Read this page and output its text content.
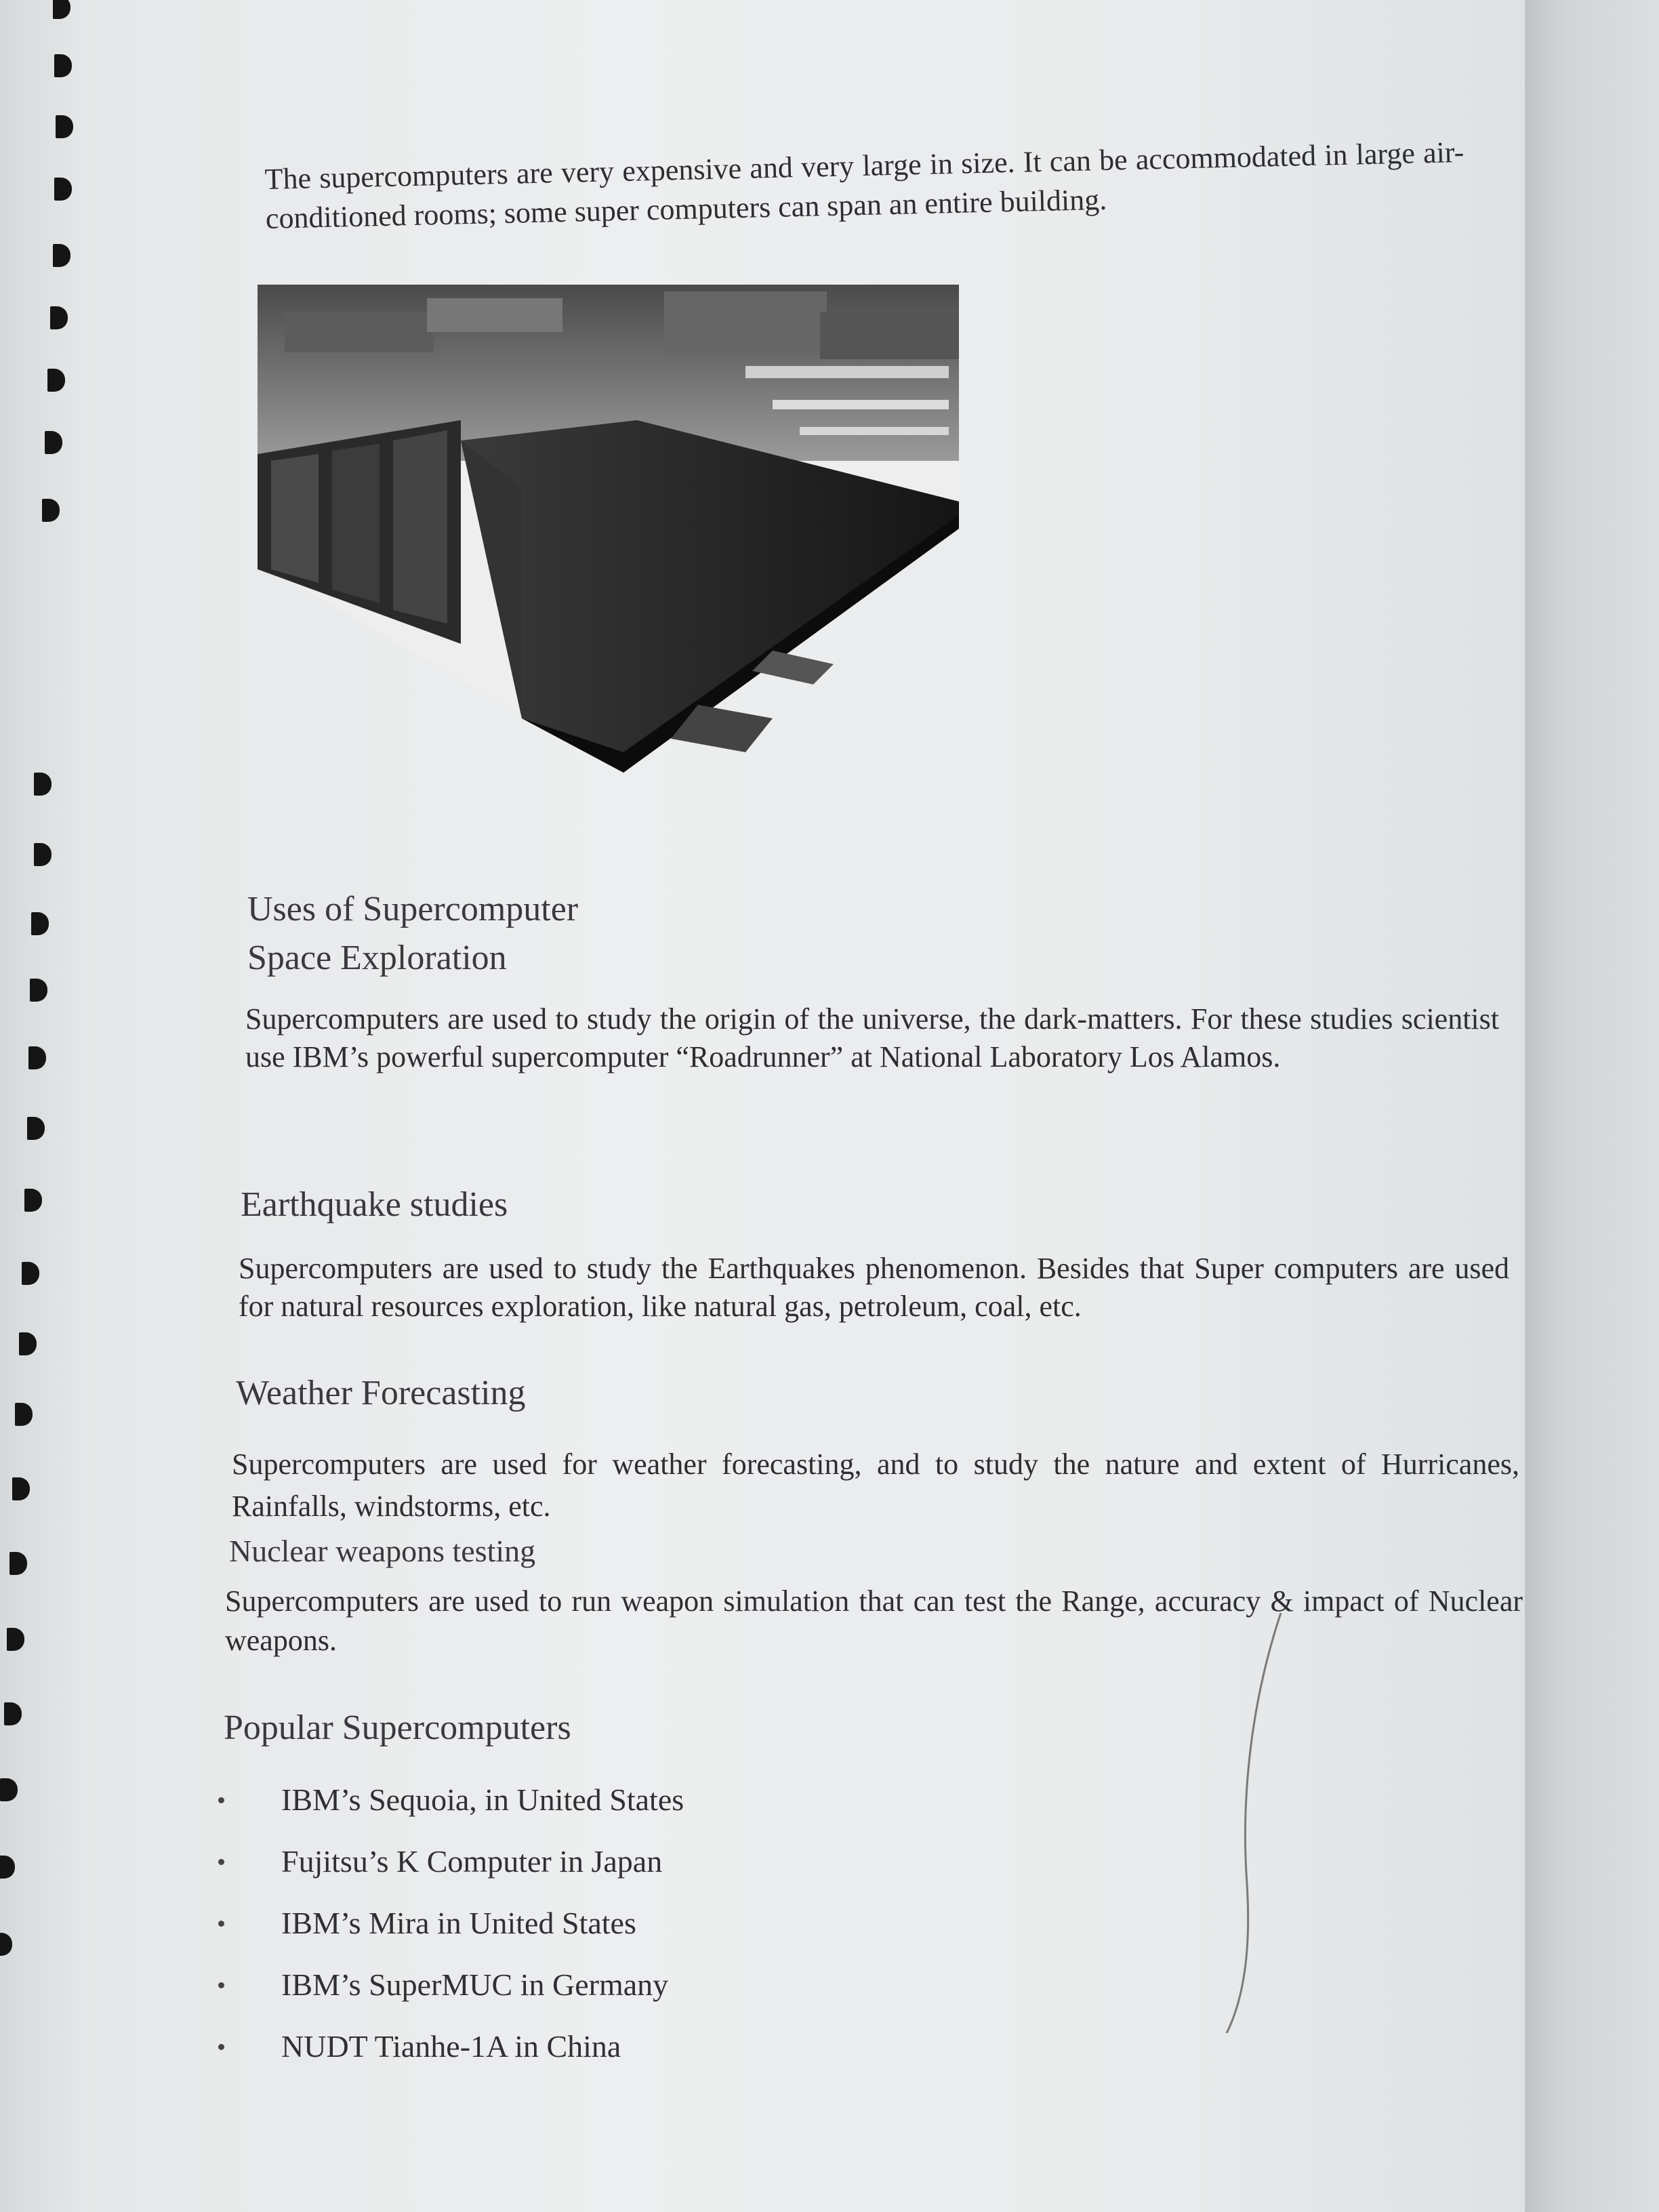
The supercomputers are very expensive and very large in size. It can be accommodated in large air-conditioned rooms; some super computers can span an entire building.
Uses of Supercomputer
Space Exploration
Supercomputers are used to study the origin of the universe, the dark-matters. For these studies scientist use IBM’s powerful supercomputer “Roadrunner” at National Laboratory Los Alamos.
Earthquake studies
Supercomputers are used to study the Earthquakes phenomenon. Besides that Super computers are used for natural resources exploration, like natural gas, petroleum, coal, etc.
Weather Forecasting
Supercomputers are used for weather forecasting, and to study the nature and extent of Hurricanes, Rainfalls, windstorms, etc.
Nuclear weapons testing
Supercomputers are used to run weapon simulation that can test the Range, accuracy & impact of Nuclear weapons.
Popular Supercomputers
IBM’s Sequoia, in United States
Fujitsu’s K Computer in Japan
IBM’s Mira in United States
IBM’s SuperMUC in Germany
NUDT Tianhe-1A in China
